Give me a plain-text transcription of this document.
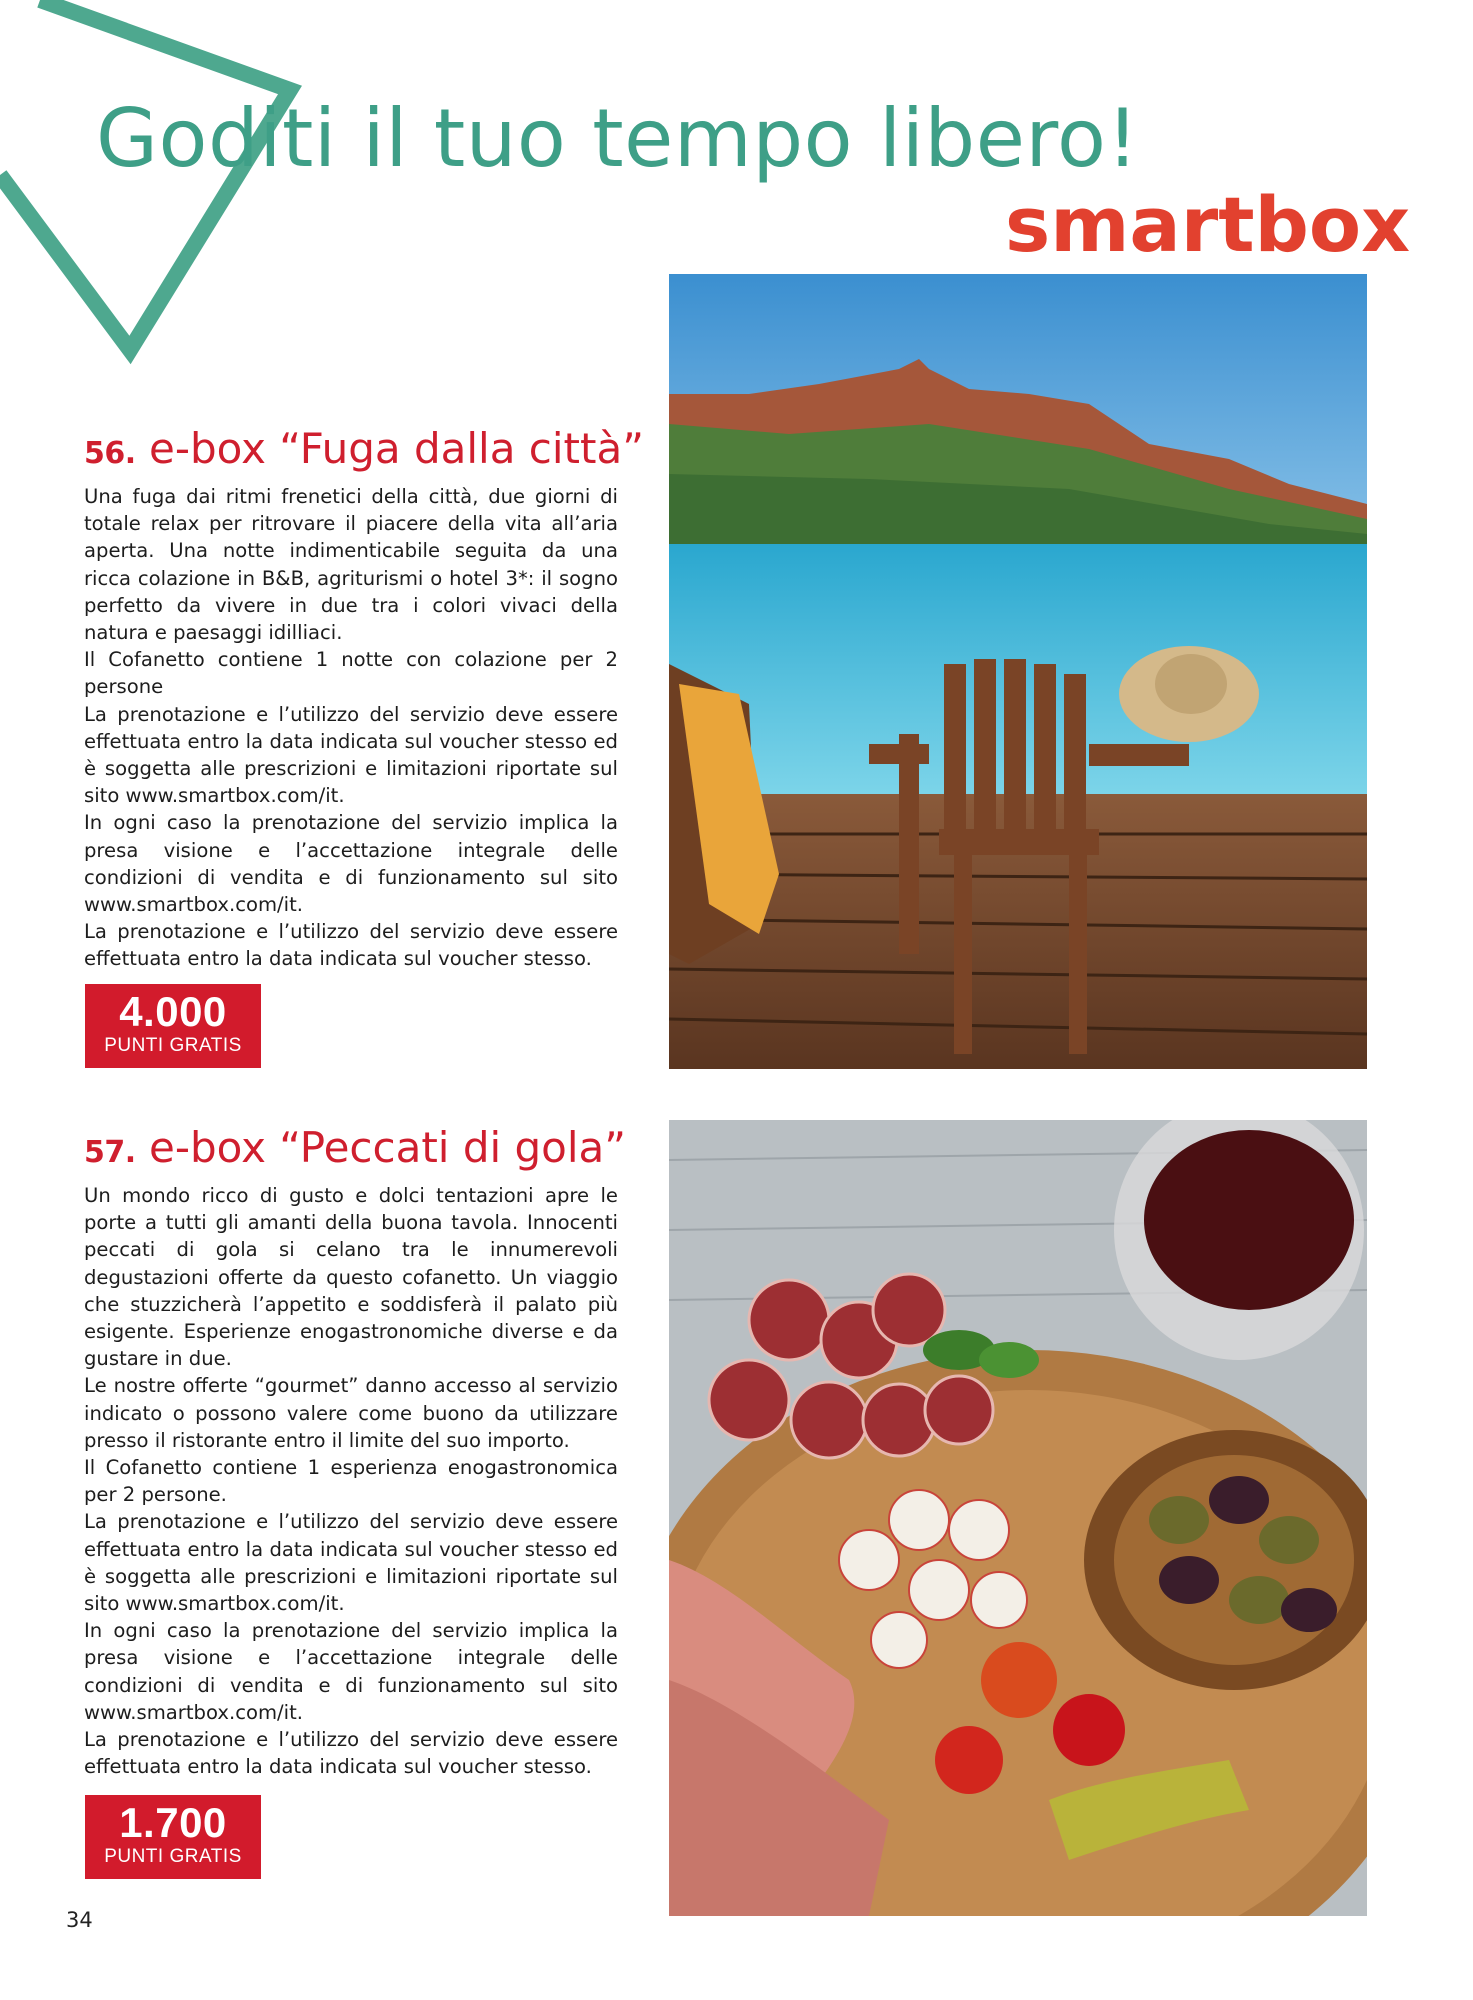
Goditi il tuo tempo libero!
smartbox
56. e-box “Fuga dalla città”

Una fuga dai ritmi frenetici della città, due giorni di totale relax per ritrovare il piacere della vita all’aria aperta. Una notte indimenticabile seguita da una ricca colazione in B&B, agriturismi o hotel 3*: il sogno perfetto da vivere in due tra i colori vivaci della natura e paesaggi idilliaci.

Il Cofanetto contiene 1 notte con colazione per 2 persone

La prenotazione e l’utilizzo del servizio deve essere effettuata entro la data indicata sul voucher stesso ed è soggetta alle prescrizioni e limitazioni riportate sul sito www.smartbox.com/it.

In ogni caso la prenotazione del servizio implica la presa visione e l’accettazione integrale delle condizioni di vendita e di funzionamento sul sito www.smartbox.com/it.

La prenotazione e l’utilizzo del servizio deve essere effettuata entro la data indicata sul voucher stesso.

4.000
PUNTI GRATIS
57. e-box “Peccati di gola”

Un mondo ricco di gusto e dolci tentazioni apre le porte a tutti gli amanti della buona tavola. Innocenti peccati di gola si celano tra le innumerevoli degustazioni offerte da questo cofanetto. Un viaggio che stuzzicherà l’appetito e soddisferà il palato più esigente. Esperienze enogastronomiche diverse e da gustare in due.

Le nostre offerte “gourmet” danno accesso al servizio indicato o possono valere come buono da utilizzare presso il ristorante entro il limite del suo importo.

Il Cofanetto contiene 1 esperienza enogastronomica per 2 persone.

La prenotazione e l’utilizzo del servizio deve essere effettuata entro la data indicata sul voucher stesso ed è soggetta alle prescrizioni e limitazioni riportate sul sito www.smartbox.com/it.

In ogni caso la prenotazione del servizio implica la presa visione e l’accettazione integrale delle condizioni di vendita e di funzionamento sul sito www.smartbox.com/it.

La prenotazione e l’utilizzo del servizio deve essere effettuata entro la data indicata sul voucher stesso.

1.700
PUNTI GRATIS
34
